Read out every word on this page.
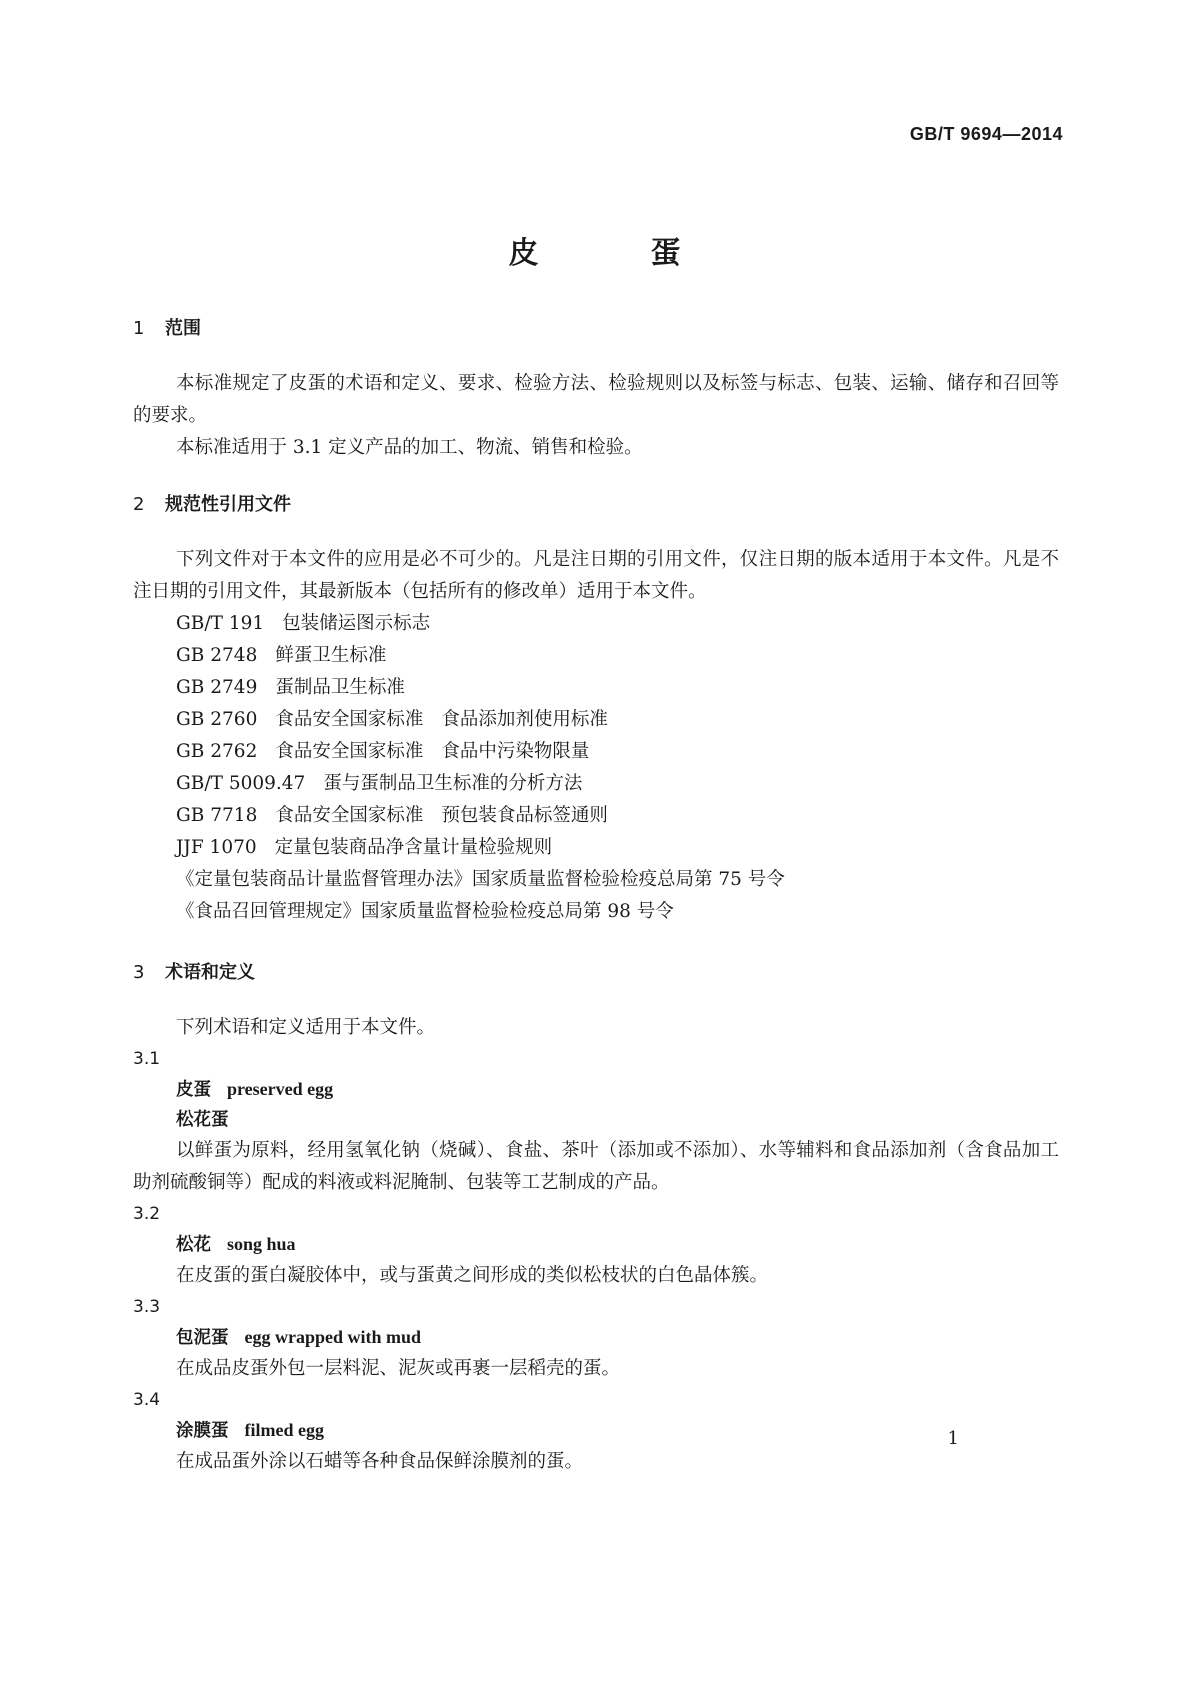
GB/T 9694—2014
皮	蛋
1 范围

本标准规定了皮蛋的术语和定义、要求、检验方法、检验规则以及标签与标志、包装、运输、储存和召回等的要求。

本标准适用于 3.1 定义产品的加工、物流、销售和检验。

2 规范性引用文件

下列文件对于本文件的应用是必不可少的。凡是注日期的引用文件，仅注日期的版本适用于本文件。凡是不注日期的引用文件，其最新版本（包括所有的修改单）适用于本文件。

GB/T 191 包装储运图示标志
GB 2748 鲜蛋卫生标准
GB 2749 蛋制品卫生标准
GB 2760 食品安全国家标准 食品添加剂使用标准
GB 2762 食品安全国家标准 食品中污染物限量
GB/T 5009.47 蛋与蛋制品卫生标准的分析方法
GB 7718 食品安全国家标准 预包装食品标签通则
JJF 1070 定量包装商品净含量计量检验规则
《定量包装商品计量监督管理办法》国家质量监督检验检疫总局第 75 号令
《食品召回管理规定》国家质量监督检验检疫总局第 98 号令
3 术语和定义

下列术语和定义适用于本文件。

3.1
皮蛋 preserved egg
松花蛋

以鲜蛋为原料，经用氢氧化钠（烧碱）、食盐、茶叶（添加或不添加）、水等辅料和食品添加剂（含食品加工助剂硫酸铜等）配成的料液或料泥腌制、包装等工艺制成的产品。

3.2
松花 song hua

在皮蛋的蛋白凝胶体中，或与蛋黄之间形成的类似松枝状的白色晶体簇。

3.3
包泥蛋 egg wrapped with mud

在成品皮蛋外包一层料泥、泥灰或再裹一层稻壳的蛋。

3.4
涂膜蛋 filmed egg

在成品蛋外涂以石蜡等各种食品保鲜涂膜剂的蛋。

1
